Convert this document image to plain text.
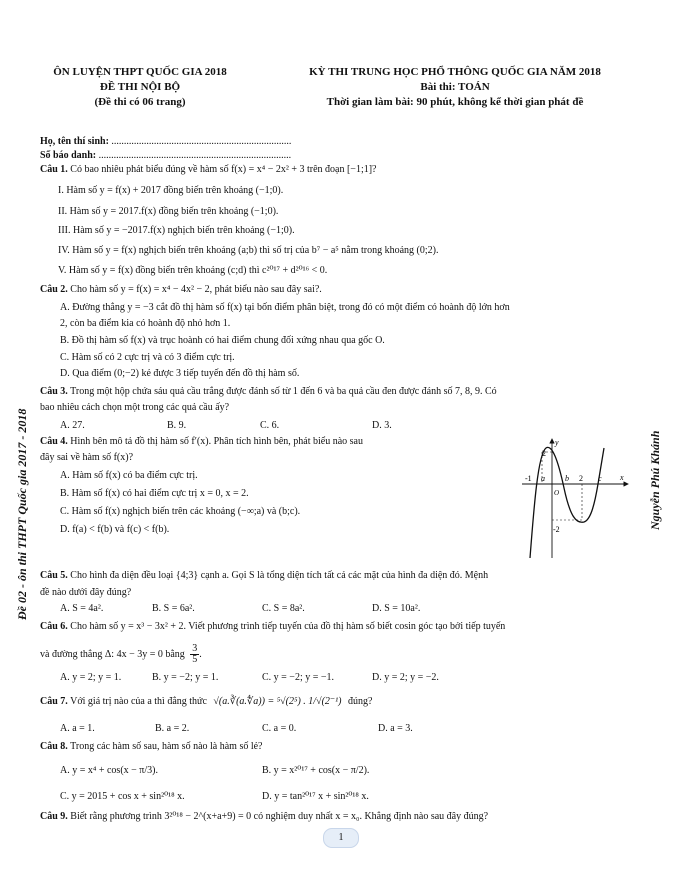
ÔN LUYỆN THPT QUỐC GIA 2018
ĐỀ THI NỘI BỘ
(Đề thi có 06 trang)
KỲ THI TRUNG HỌC PHỔ THÔNG QUỐC GIA NĂM 2018
Bài thi: TOÁN
Thời gian làm bài: 90 phút, không kể thời gian phát đề
Họ, tên thí sinh: ........................................................................
Số báo danh: .............................................................................
Đề 02 - ôn thi THPT Quốc gia 2017 - 2018	Nguyễn Phú Khánh
Câu 1. Có bao nhiêu phát biểu đúng về hàm số f(x) = x⁴ − 2x² + 3 trên đoạn [−1;1]?
I. Hàm số y = f(x) + 2017 đồng biến trên khoảng (−1;0).
II. Hàm số y = 2017.f(x) đồng biến trên khoảng (−1;0).
III. Hàm số y = −2017.f(x) nghịch biến trên khoảng (−1;0).
IV. Hàm số y = f(x) nghịch biến trên khoảng (a;b) thì số trị của b⁷ − a⁵ nằm trong khoảng (0;2).
V. Hàm số y = f(x) đồng biến trên khoảng (c;d) thì c²⁰¹⁷ + d²⁰¹⁶ < 0.
Câu 2. Cho hàm số y = f(x) = x⁴ − 4x² − 2, phát biểu nào sau đây sai?.
A. Đường thẳng y = −3 cắt đồ thị hàm số f(x) tại bốn điểm phân biệt, trong đó có một điểm có hoành độ lớn hơn
2, còn ba điểm kia có hoành độ nhỏ hơn 1.
B. Đồ thị hàm số f(x) và trục hoành có hai điểm chung đối xứng nhau qua gốc O.
C. Hàm số có 2 cực trị và có 3 điểm cực trị.
D. Qua điểm (0;−2) kẻ được 3 tiếp tuyến đến đồ thị hàm số.
Câu 3. Trong một hộp chứa sáu quả cầu trắng được đánh số từ 1 đến 6 và ba quả cầu đen được đánh số 7, 8, 9. Có
bao nhiêu cách chọn một trong các quả cầu ấy?
A. 27.	B. 9.	C. 6.	D. 3.
Câu 4. Hình bên mô tả đồ thị hàm số f′(x). Phân tích hình bên, phát biểu nào sau
đây sai về hàm số f(x)?
A. Hàm số f(x) có ba điểm cực trị.
B. Hàm số f(x) có hai điểm cực trị x = 0, x = 2.
C. Hàm số f(x) nghịch biến trên các khoảng (−∞;a) và (b;c).
D. f(a) < f(b) và f(c) < f(b).
y
x
2
-2
O
-1 a	b 2 c
Câu 5. Cho hình đa diện đều loại {4;3} cạnh a. Gọi S là tổng diện tích tất cả các mặt của hình đa diện đó. Mệnh
đề nào dưới đây đúng?
A. S = 4a².	B. S = 6a².	C. S = 8a².	D. S = 10a².
Câu 6. Cho hàm số y = x³ − 3x² + 2. Viết phương trình tiếp tuyến của đồ thị hàm số biết cosin góc tạo bởi tiếp tuyến
và đường thẳng Δ: 4x − 3y = 0 bằng $\frac{3}{5}$ .
A. y = 2; y = 1.	B. y = −2; y = 1.	C. y = −2; y = −1.	D. y = 2; y = −2.
Câu 7. Với giá trị nào của a thì đẳng thức √(a.∛(a.∜a)) = ⁵√(2⁵) . 1/√(2⁻¹) đúng?
A. a = 1.	B. a = 2.	C. a = 0.	D. a = 3.
Câu 8. Trong các hàm số sau, hàm số nào là hàm số lẻ?
A. y = x⁴ + cos(x − π/3).	B. y = x²⁰¹⁷ + cos(x − π/2).
C. y = 2015 + cos x + sin²⁰¹⁸ x.	D. y = tan²⁰¹⁷ x + sin²⁰¹⁸ x.
Câu 9. Biết rằng phương trình 3²⁰¹⁸ − 2^(x+a+9) = 0 có nghiệm duy nhất x = x₀. Khẳng định nào sau đây đúng?
1
